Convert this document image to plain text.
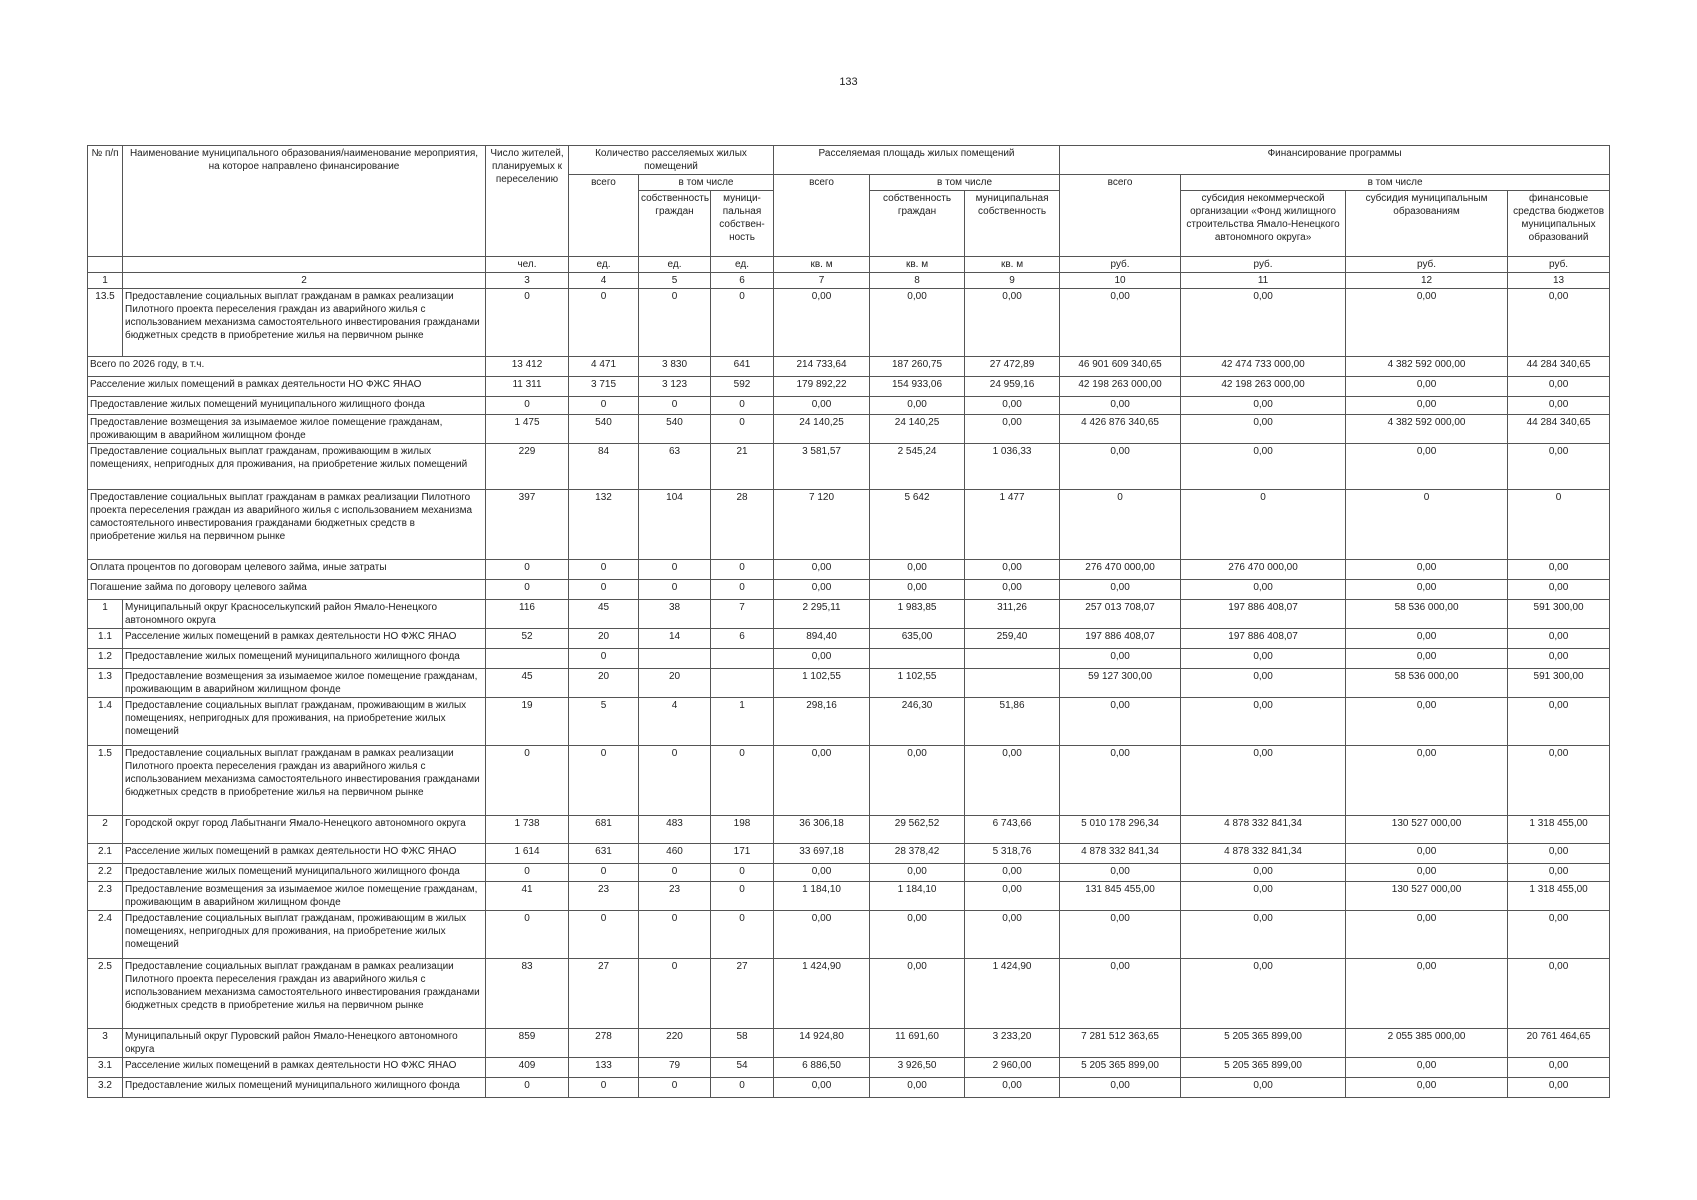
133
№ п/п	Наименование муниципального образования/наименование мероприятия, на которое направлено финансирование	Число жителей, планируемых к переселению	Количество расселяемых жилых помещений			Расселяемая площадь жилых помещений			Финансирование программы			
			всего	в том числе		всего	в том числе		всего	в том числе		
				собственность граждан	муници-пальная собствен-ность		собственность граждан	муниципальная собственность		субсидия некоммерческой организации «Фонд жилищного строительства Ямало-Ненецкого автономного округа»	субсидия муниципальным образованиям	финансовые средства бюджетов муниципальных образований
		чел.	ед.	ед.	ед.	кв. м	кв. м	кв. м	руб.	руб.	руб.	руб.
1	2	3	4	5	6	7	8	9	10	11	12	13
13.5	Предоставление социальных выплат гражданам в рамках реализации Пилотного проекта переселения граждан из аварийного жилья с использованием механизма самостоятельного инвестирования гражданами бюджетных средств в приобретение жилья на первичном рынке	0	0	0	0	0,00	0,00	0,00	0,00	0,00	0,00	0,00
Всего по 2026 году, в т.ч.		13 412	4 471	3 830	641	214 733,64	187 260,75	27 472,89	46 901 609 340,65	42 474 733 000,00	4 382 592 000,00	44 284 340,65
Расселение жилых помещений в рамках деятельности НО ФЖС ЯНАО		11 311	3 715	3 123	592	179 892,22	154 933,06	24 959,16	42 198 263 000,00	42 198 263 000,00	0,00	0,00
Предоставление жилых помещений муниципального жилищного фонда		0	0	0	0	0,00	0,00	0,00	0,00	0,00	0,00	0,00
Предоставление возмещения за изымаемое жилое помещение гражданам, проживающим в аварийном жилищном фонде		1 475	540	540	0	24 140,25	24 140,25	0,00	4 426 876 340,65	0,00	4 382 592 000,00	44 284 340,65
Предоставление социальных выплат гражданам, проживающим в жилых помещениях, непригодных для проживания, на приобретение жилых помещений		229	84	63	21	3 581,57	2 545,24	1 036,33	0,00	0,00	0,00	0,00
Предоставление социальных выплат гражданам в рамках реализации Пилотного проекта переселения граждан из аварийного жилья с использованием механизма самостоятельного инвестирования гражданами бюджетных средств в приобретение жилья на первичном рынке		397	132	104	28	7 120	5 642	1 477	0	0	0	0
Оплата процентов по договорам целевого займа, иные затраты		0	0	0	0	0,00	0,00	0,00	276 470 000,00	276 470 000,00	0,00	0,00
Погашение займа по договору целевого займа		0	0	0	0	0,00	0,00	0,00	0,00	0,00	0,00	0,00
1	Муниципальный округ Красноселькупский район Ямало-Ненецкого автономного округа	116	45	38	7	2 295,11	1 983,85	311,26	257 013 708,07	197 886 408,07	58 536 000,00	591 300,00
1.1	Расселение жилых помещений в рамках деятельности НО ФЖС ЯНАО	52	20	14	6	894,40	635,00	259,40	197 886 408,07	197 886 408,07	0,00	0,00
1.2	Предоставление жилых помещений муниципального жилищного фонда		0			0,00			0,00	0,00	0,00	0,00
1.3	Предоставление возмещения за изымаемое жилое помещение гражданам, проживающим в аварийном жилищном фонде	45	20	20		1 102,55	1 102,55		59 127 300,00	0,00	58 536 000,00	591 300,00
1.4	Предоставление социальных выплат гражданам, проживающим в жилых помещениях, непригодных для проживания, на приобретение жилых помещений	19	5	4	1	298,16	246,30	51,86	0,00	0,00	0,00	0,00
1.5	Предоставление социальных выплат гражданам в рамках реализации Пилотного проекта переселения граждан из аварийного жилья с использованием механизма самостоятельного инвестирования гражданами бюджетных средств в приобретение жилья на первичном рынке	0	0	0	0	0,00	0,00	0,00	0,00	0,00	0,00	0,00
2	Городской округ город Лабытнанги Ямало-Ненецкого автономного округа	1 738	681	483	198	36 306,18	29 562,52	6 743,66	5 010 178 296,34	4 878 332 841,34	130 527 000,00	1 318 455,00
2.1	Расселение жилых помещений в рамках деятельности НО ФЖС ЯНАО	1 614	631	460	171	33 697,18	28 378,42	5 318,76	4 878 332 841,34	4 878 332 841,34	0,00	0,00
2.2	Предоставление жилых помещений муниципального жилищного фонда	0	0	0	0	0,00	0,00	0,00	0,00	0,00	0,00	0,00
2.3	Предоставление возмещения за изымаемое жилое помещение гражданам, проживающим в аварийном жилищном фонде	41	23	23	0	1 184,10	1 184,10	0,00	131 845 455,00	0,00	130 527 000,00	1 318 455,00
2.4	Предоставление социальных выплат гражданам, проживающим в жилых помещениях, непригодных для проживания, на приобретение жилых помещений	0	0	0	0	0,00	0,00	0,00	0,00	0,00	0,00	0,00
2.5	Предоставление социальных выплат гражданам в рамках реализации Пилотного проекта переселения граждан из аварийного жилья с использованием механизма самостоятельного инвестирования гражданами бюджетных средств в приобретение жилья на первичном рынке	83	27	0	27	1 424,90	0,00	1 424,90	0,00	0,00	0,00	0,00
3	Муниципальный округ Пуровский район Ямало-Ненецкого автономного округа	859	278	220	58	14 924,80	11 691,60	3 233,20	7 281 512 363,65	5 205 365 899,00	2 055 385 000,00	20 761 464,65
3.1	Расселение жилых помещений в рамках деятельности НО ФЖС ЯНАО	409	133	79	54	6 886,50	3 926,50	2 960,00	5 205 365 899,00	5 205 365 899,00	0,00	0,00
3.2	Предоставление жилых помещений муниципального жилищного фонда	0	0	0	0	0,00	0,00	0,00	0,00	0,00	0,00	0,00
